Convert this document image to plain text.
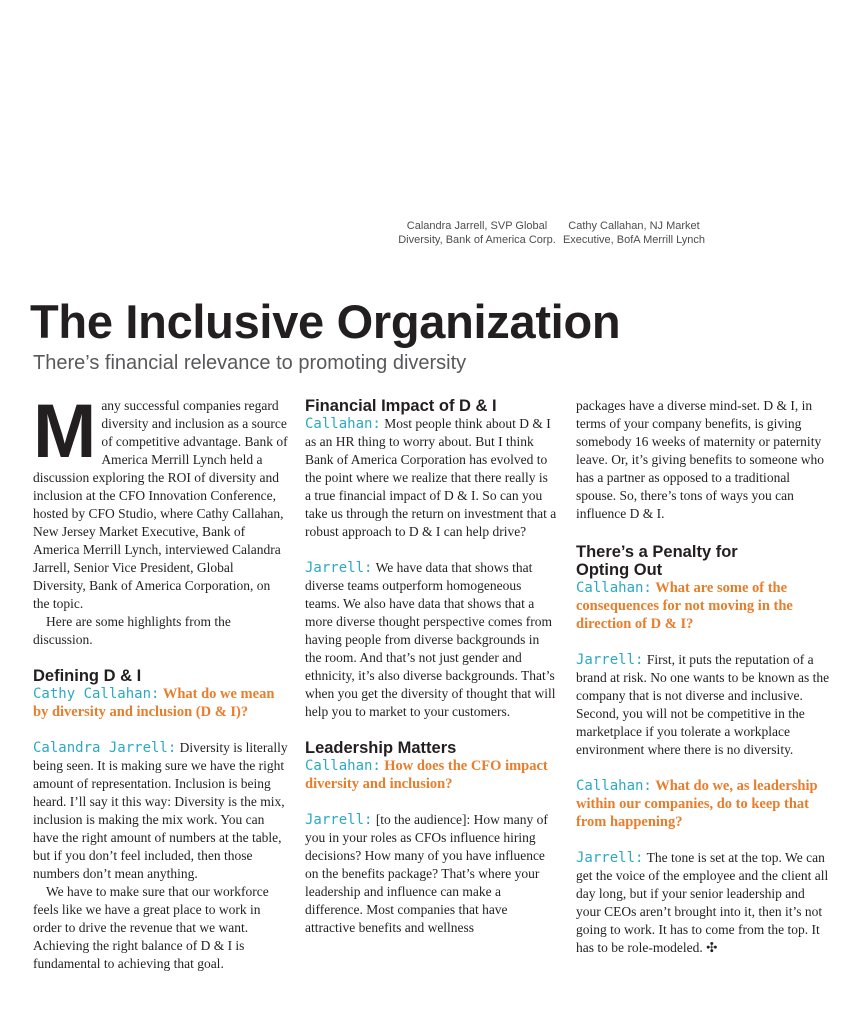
ACHIEVING BALANCE
Calandra Jarrell, SVP Global
Diversity, Bank of America Corp.
Cathy Callahan, NJ Market
Executive, BofA Merrill Lynch
The Inclusive Organization
There’s financial relevance to promoting diversity

Many successful companies regard diversity and inclusion as a source of competitive advantage. Bank of America Merrill Lynch held a discussion exploring the ROI of diversity and inclusion at the CFO Innovation Conference, hosted by CFO Studio, where Cathy Callahan, New Jersey Market Executive, Bank of America Merrill Lynch, interviewed Calandra Jarrell, Senior Vice President, Global Diversity, Bank of America Corporation, on the topic.

Here are some highlights from the discussion.

Defining D & I

Cathy Callahan: What do we mean by diversity and inclusion (D & I)?

Calandra Jarrell: Diversity is literally being seen. It is making sure we have the right amount of representation. Inclusion is being heard. I’ll say it this way: Diversity is the mix, inclusion is making the mix work. You can have the right amount of numbers at the table, but if you don’t feel included, then those numbers don’t mean anything.

We have to make sure that our workforce feels like we have a great place to work in order to drive the revenue that we want. Achieving the right balance of D & I is fundamental to achieving that goal.

Financial Impact of D & I

Callahan: Most people think about D & I as an HR thing to worry about. But I think Bank of America Corporation has evolved to the point where we realize that there really is a true financial impact of D & I. So can you take us through the return on investment that a robust approach to D & I can help drive?

Jarrell: We have data that shows that diverse teams outperform homogeneous teams. We also have data that shows that a more diverse thought perspective comes from having people from diverse backgrounds in the room. And that’s not just gender and ethnicity, it’s also diverse backgrounds. That’s when you get the diversity of thought that will help you to market to your customers.

Leadership Matters

Callahan: How does the CFO impact diversity and inclusion?

Jarrell: [to the audience]: How many of you in your roles as CFOs influence hiring decisions? How many of you have influence on the benefits package? That’s where your leadership and influence can make a difference. Most companies that have attractive benefits and wellness

packages have a diverse mind-set. D & I, in terms of your company benefits, is giving somebody 16 weeks of maternity or paternity leave. Or, it’s giving benefits to someone who has a partner as opposed to a traditional spouse. So, there’s tons of ways you can influence D & I.

There’s a Penalty for
Opting Out

Callahan: What are some of the consequences for not moving in the direction of D & I?

Jarrell: First, it puts the reputation of a brand at risk. No one wants to be known as the company that is not diverse and inclusive. Second, you will not be competitive in the marketplace if you tolerate a workplace environment where there is no diversity.

Callahan: What do we, as leadership within our companies, do to keep that from happening?

Jarrell: The tone is set at the top. We can get the voice of the employee and the client all day long, but if your senior leadership and your CEOs aren’t brought into it, then it’s not going to work. It has to come from the top. It has to be role-modeled. ✣
